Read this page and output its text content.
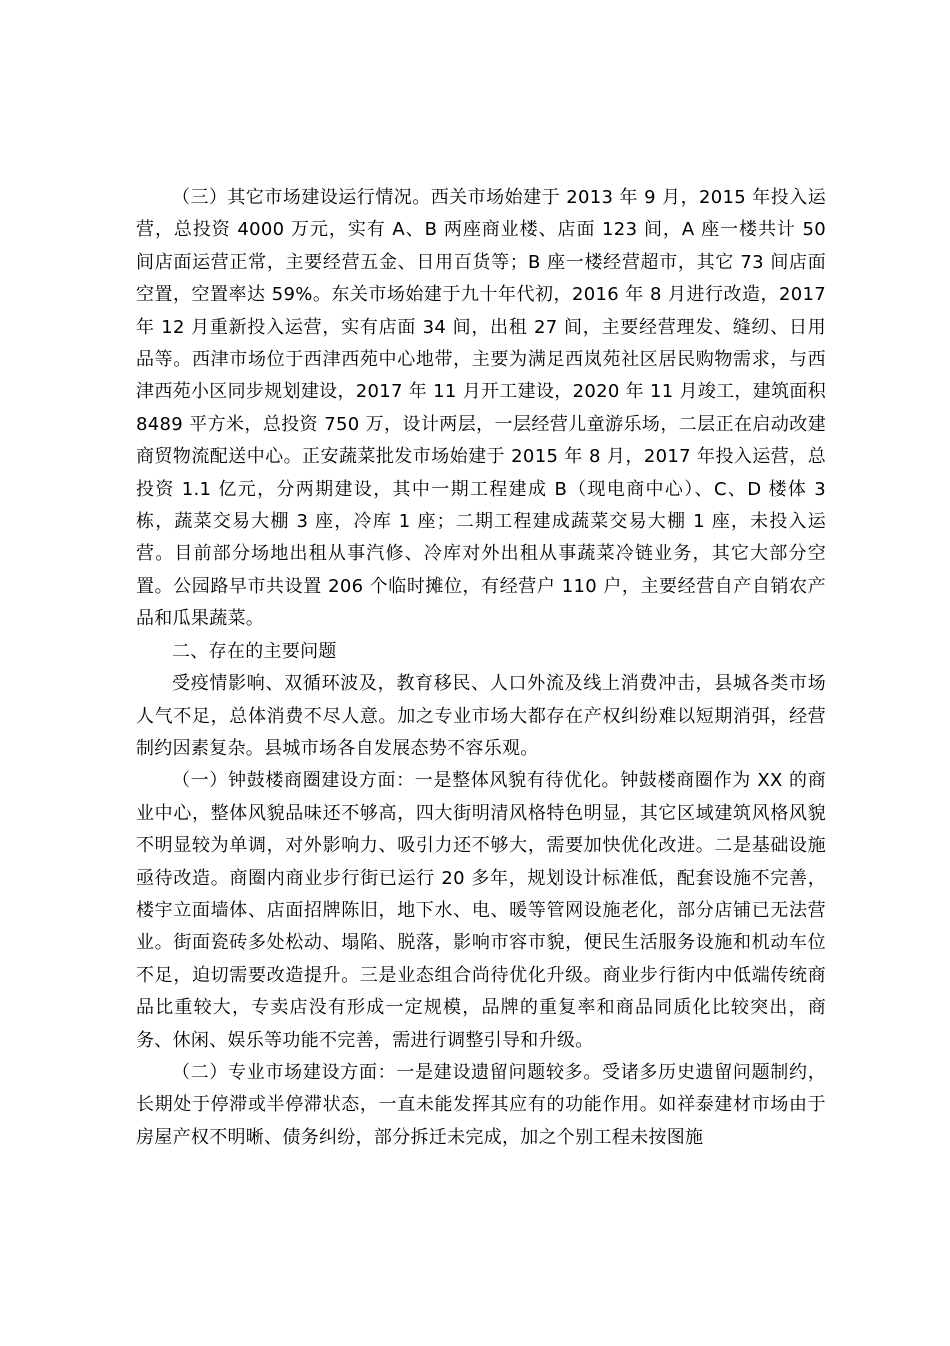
（三）其它市场建设运行情况。西关市场始建于 2013 年 9 月，2015 年投入运营，总投资 4000 万元，实有 A、B 两座商业楼、店面 123 间，A 座一楼共计 50 间店面运营正常，主要经营五金、日用百货等；B 座一楼经营超市，其它 73 间店面空置，空置率达 59%。东关市场始建于九十年代初，2016 年 8 月进行改造，2017 年 12 月重新投入运营，实有店面 34 间，出租 27 间，主要经营理发、缝纫、日用品等。西津市场位于西津西苑中心地带，主要为满足西岚苑社区居民购物需求，与西津西苑小区同步规划建设，2017 年 11 月开工建设，2020 年 11 月竣工，建筑面积 8489 平方米，总投资 750 万，设计两层，一层经营儿童游乐场，二层正在启动改建商贸物流配送中心。正安蔬菜批发市场始建于 2015 年 8 月，2017 年投入运营，总投资 1.1 亿元，分两期建设，其中一期工程建成 B（现电商中心）、C、D 楼体 3 栋，蔬菜交易大棚 3 座，冷库 1 座；二期工程建成蔬菜交易大棚 1 座，未投入运营。目前部分场地出租从事汽修、冷库对外出租从事蔬菜冷链业务，其它大部分空置。公园路早市共设置 206 个临时摊位，有经营户 110 户，主要经营自产自销农产品和瓜果蔬菜。

二、存在的主要问题

受疫情影响、双循环波及，教育移民、人口外流及线上消费冲击，县城各类市场人气不足，总体消费不尽人意。加之专业市场大都存在产权纠纷难以短期消弭，经营制约因素复杂。县城市场各自发展态势不容乐观。

（一）钟鼓楼商圈建设方面：一是整体风貌有待优化。钟鼓楼商圈作为 XX 的商业中心，整体风貌品味还不够高，四大街明清风格特色明显，其它区域建筑风格风貌不明显较为单调，对外影响力、吸引力还不够大，需要加快优化改进。二是基础设施亟待改造。商圈内商业步行街已运行 20 多年，规划设计标准低，配套设施不完善，楼宇立面墙体、店面招牌陈旧，地下水、电、暖等管网设施老化，部分店铺已无法营业。街面瓷砖多处松动、塌陷、脱落，影响市容市貌，便民生活服务设施和机动车位不足，迫切需要改造提升。三是业态组合尚待优化升级。商业步行街内中低端传统商品比重较大，专卖店没有形成一定规模，品牌的重复率和商品同质化比较突出，商务、休闲、娱乐等功能不完善，需进行调整引导和升级。

（二）专业市场建设方面：一是建设遗留问题较多。受诸多历史遗留问题制约，长期处于停滞或半停滞状态，一直未能发挥其应有的功能作用。如祥泰建材市场由于房屋产权不明晰、债务纠纷，部分拆迁未完成，加之个别工程未按图施
